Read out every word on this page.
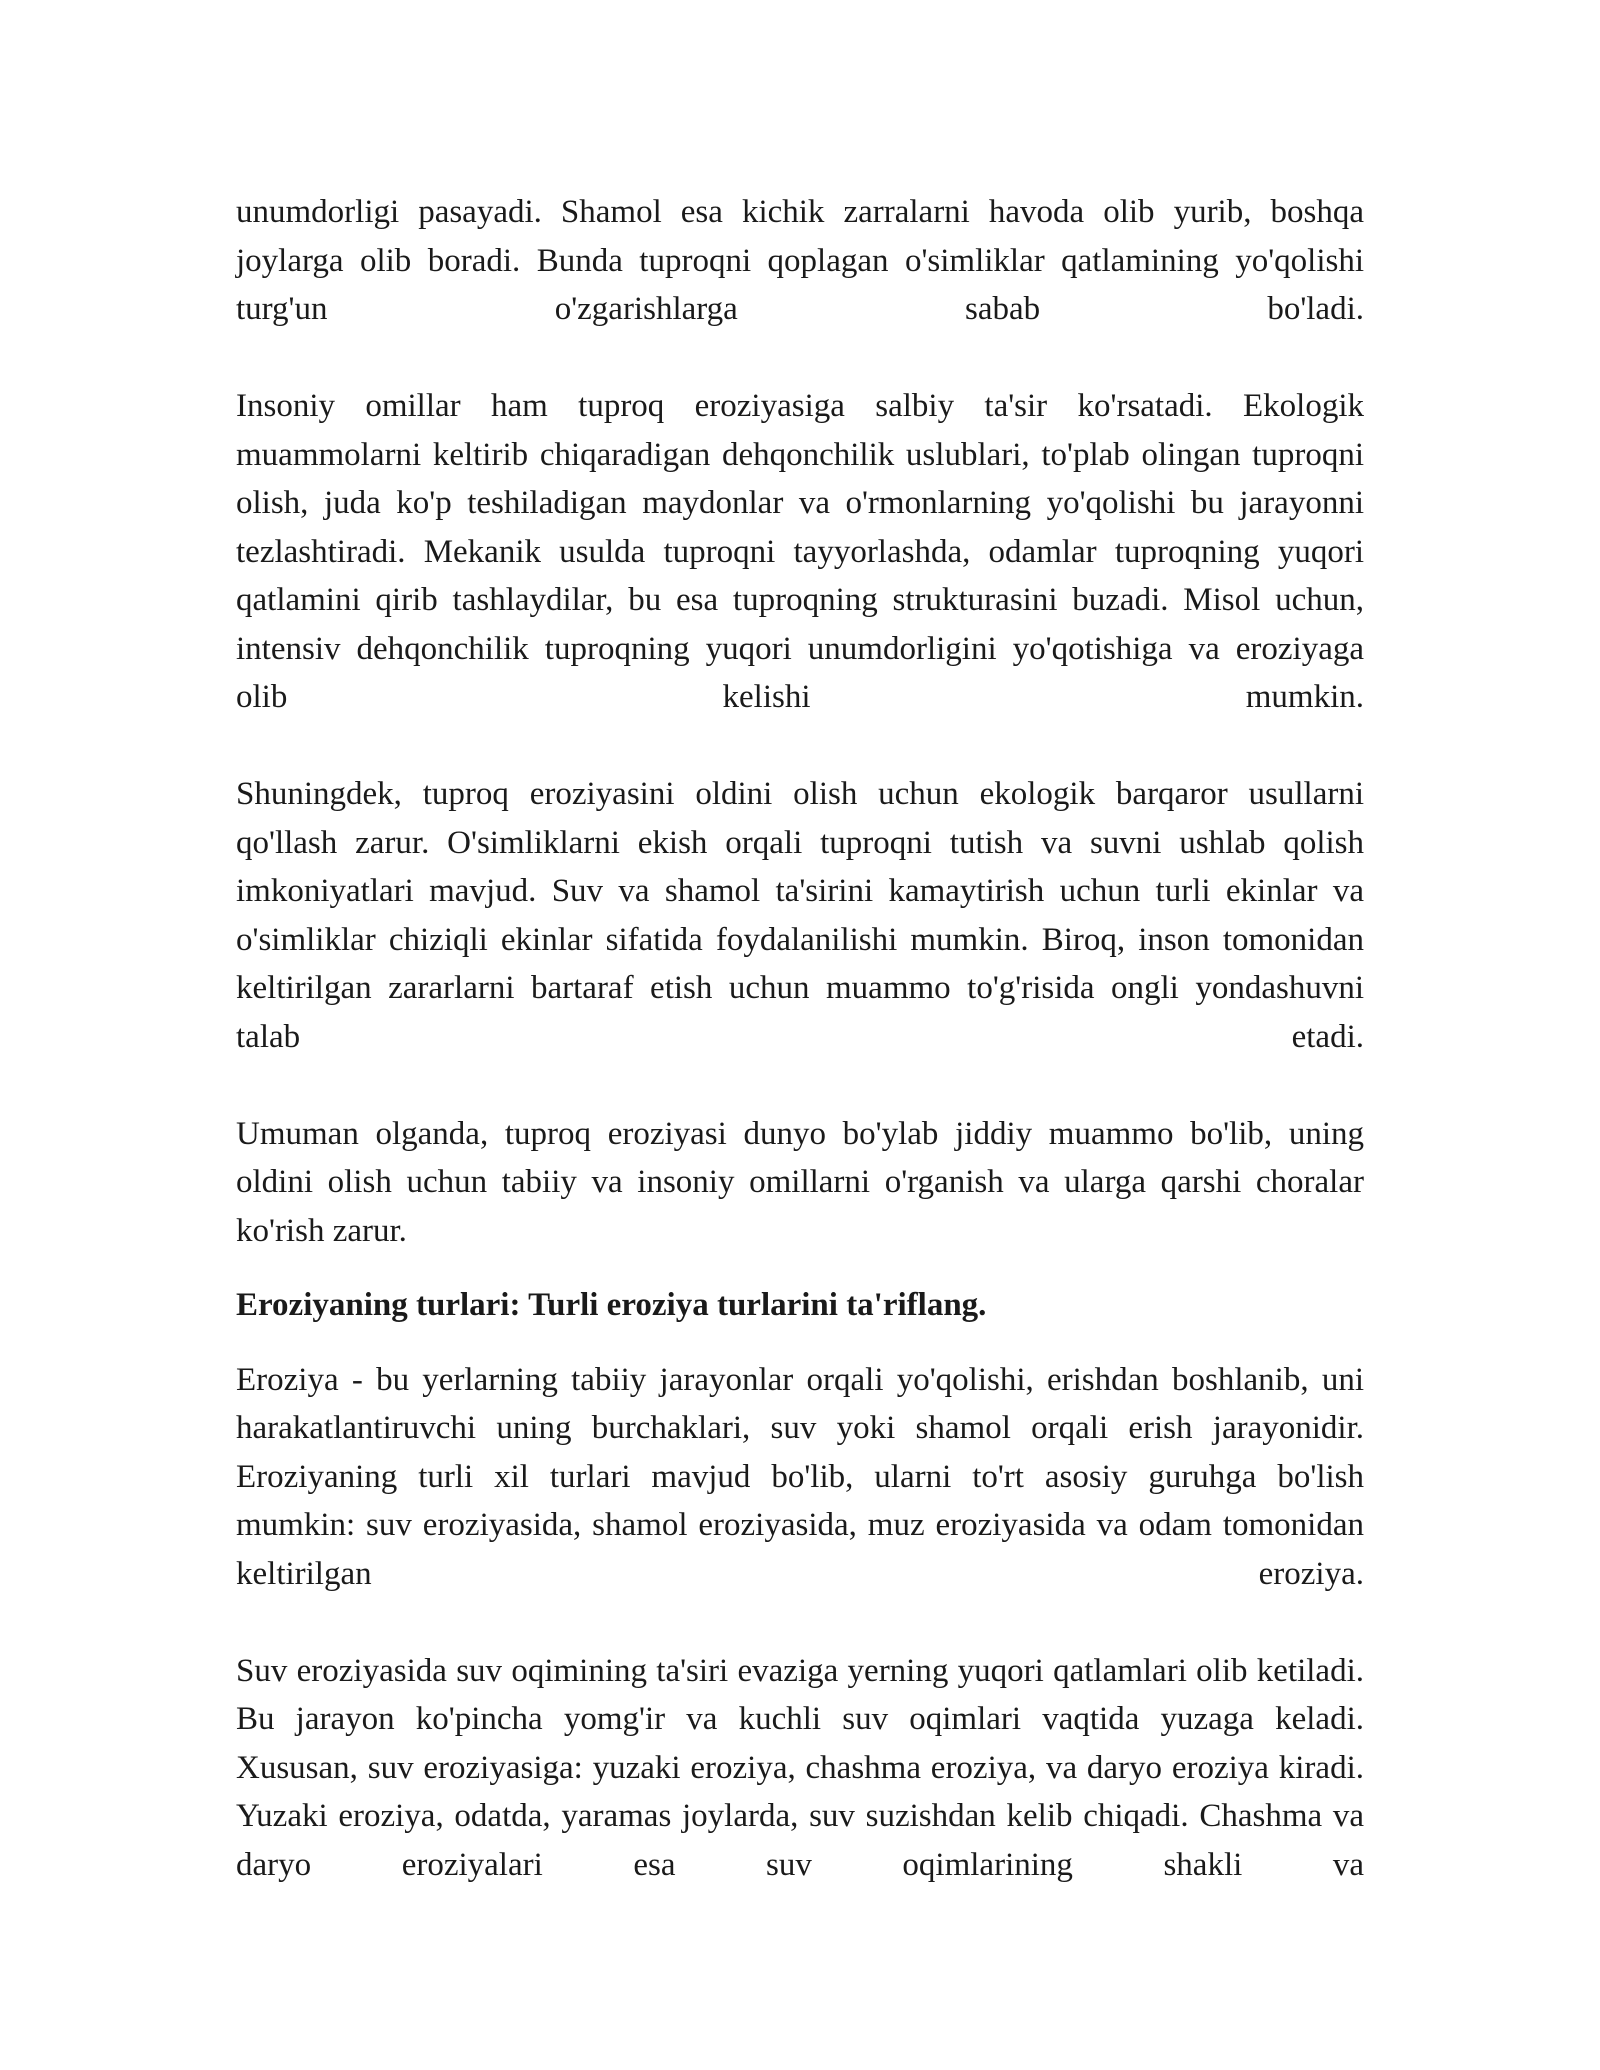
unumdorligi pasayadi. Shamol esa kichik zarralarni havoda olib yurib, boshqa joylarga olib boradi. Bunda tuproqni qoplagan o'simliklar qatlamining yo'qolishi turg'un o'zgarishlarga sabab bo'ladi.

Insoniy omillar ham tuproq eroziyasiga salbiy ta'sir ko'rsatadi. Ekologik muammolarni keltirib chiqaradigan dehqonchilik uslublari, to'plab olingan tuproqni olish, juda ko'p teshiladigan maydonlar va o'rmonlarning yo'qolishi bu jarayonni tezlashtiradi. Mekanik usulda tuproqni tayyorlashda, odamlar tuproqning yuqori qatlamini qirib tashlaydilar, bu esa tuproqning strukturasini buzadi. Misol uchun, intensiv dehqonchilik tuproqning yuqori unumdorligini yo'qotishiga va eroziyaga olib kelishi mumkin.

Shuningdek, tuproq eroziyasini oldini olish uchun ekologik barqaror usullarni qo'llash zarur. O'simliklarni ekish orqali tuproqni tutish va suvni ushlab qolish imkoniyatlari mavjud. Suv va shamol ta'sirini kamaytirish uchun turli ekinlar va o'simliklar chiziqli ekinlar sifatida foydalanilishi mumkin. Biroq, inson tomonidan keltirilgan zararlarni bartaraf etish uchun muammo to'g'risida ongli yondashuvni talab etadi.

Umuman olganda, tuproq eroziyasi dunyo bo'ylab jiddiy muammo bo'lib, uning oldini olish uchun tabiiy va insoniy omillarni o'rganish va ularga qarshi choralar ko'rish zarur.

Eroziyaning turlari: Turli eroziya turlarini ta'riflang.

Eroziya - bu yerlarning tabiiy jarayonlar orqali yo'qolishi, erishdan boshlanib, uni harakatlantiruvchi uning burchaklari, suv yoki shamol orqali erish jarayonidir. Eroziyaning turli xil turlari mavjud bo'lib, ularni to'rt asosiy guruhga bo'lish mumkin: suv eroziyasida, shamol eroziyasida, muz eroziyasida va odam tomonidan keltirilgan eroziya.

Suv eroziyasida suv oqimining ta'siri evaziga yerning yuqori qatlamlari olib ketiladi. Bu jarayon ko'pincha yomg'ir va kuchli suv oqimlari vaqtida yuzaga keladi. Xususan, suv eroziyasiga: yuzaki eroziya, chashma eroziya, va daryo eroziya kiradi. Yuzaki eroziya, odatda, yaramas joylarda, suv suzishdan kelib chiqadi. Chashma va daryo eroziyalari esa suv oqimlarining shakli va
